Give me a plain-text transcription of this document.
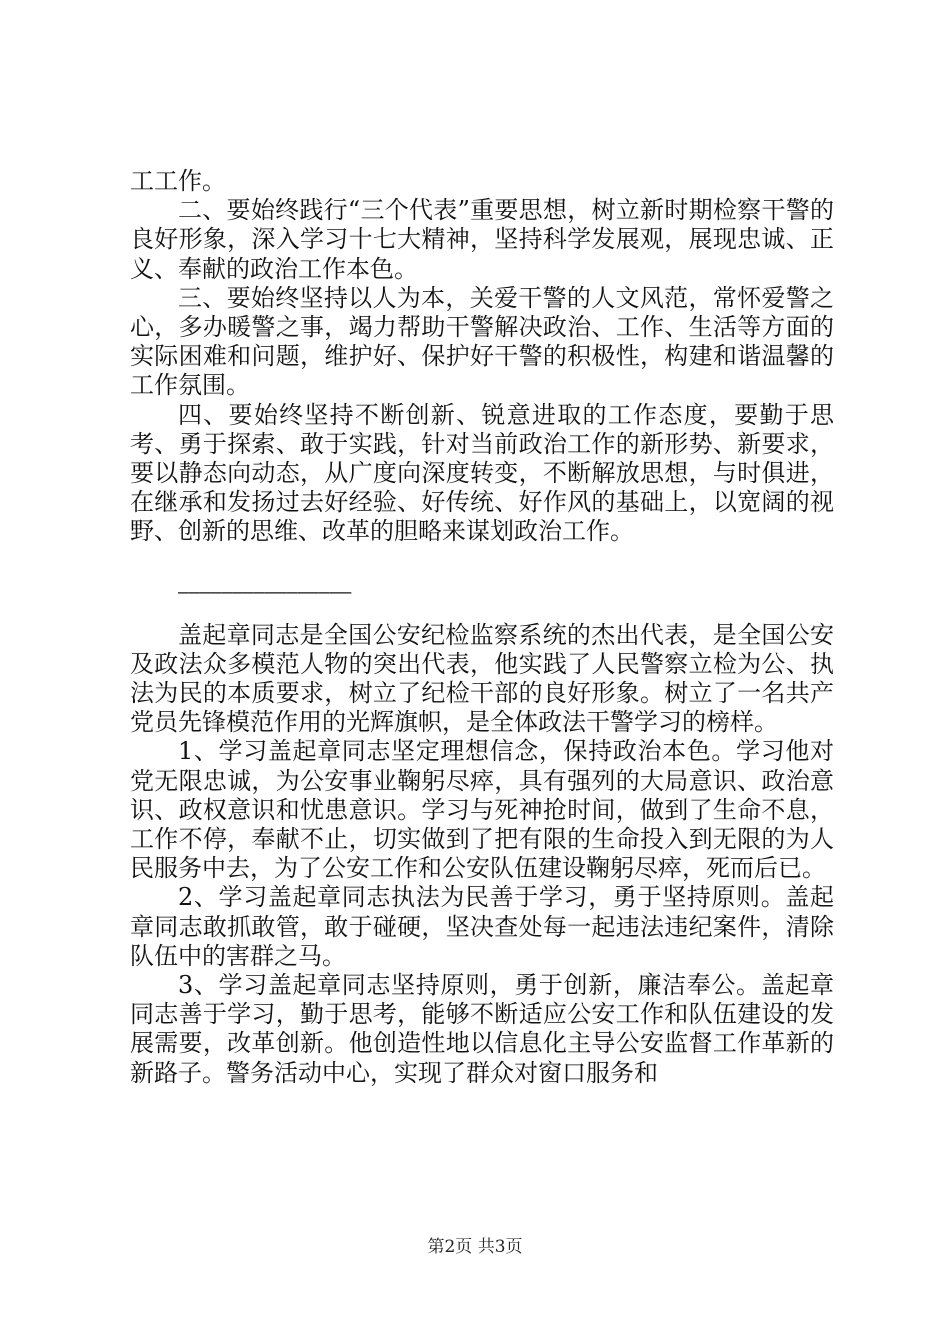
工工作。

二、要始终践行“三个代表”重要思想，树立新时期检察干警的良好形象，深入学习十七大精神，坚持科学发展观，展现忠诚、正义、奉献的政治工作本色。

三、要始终坚持以人为本，关爱干警的人文风范，常怀爱警之心，多办暖警之事，竭力帮助干警解决政治、工作、生活等方面的实际困难和问题，维护好、保护好干警的积极性，构建和谐温馨的工作氛围。

四、要始终坚持不断创新、锐意进取的工作态度，要勤于思考、勇于探索、敢于实践，针对当前政治工作的新形势、新要求，要以静态向动态，从广度向深度转变，不断解放思想，与时俱进，在继承和发扬过去好经验、好传统、好作风的基础上，以宽阔的视野、创新的思维、改革的胆略来谋划政治工作。

————————————————

盖起章同志是全国公安纪检监察系统的杰出代表，是全国公安及政法众多模范人物的突出代表，他实践了人民警察立检为公、执法为民的本质要求，树立了纪检干部的良好形象。树立了一名共产党员先锋模范作用的光辉旗帜，是全体政法干警学习的榜样。

1、学习盖起章同志坚定理想信念，保持政治本色。学习他对党无限忠诚，为公安事业鞠躬尽瘁，具有强列的大局意识、政治意识、政权意识和忧患意识。学习与死神抢时间，做到了生命不息，工作不停，奉献不止，切实做到了把有限的生命投入到无限的为人民服务中去，为了公安工作和公安队伍建设鞠躬尽瘁，死而后已。

2、学习盖起章同志执法为民善于学习，勇于坚持原则。盖起章同志敢抓敢管，敢于碰硬，坚决查处每一起违法违纪案件，清除队伍中的害群之马。

3、学习盖起章同志坚持原则，勇于创新，廉洁奉公。盖起章同志善于学习，勤于思考，能够不断适应公安工作和队伍建设的发展需要，改革创新。他创造性地以信息化主导公安监督工作革新的新路子。警务活动中心，实现了群众对窗口服务和

第2页 共3页
